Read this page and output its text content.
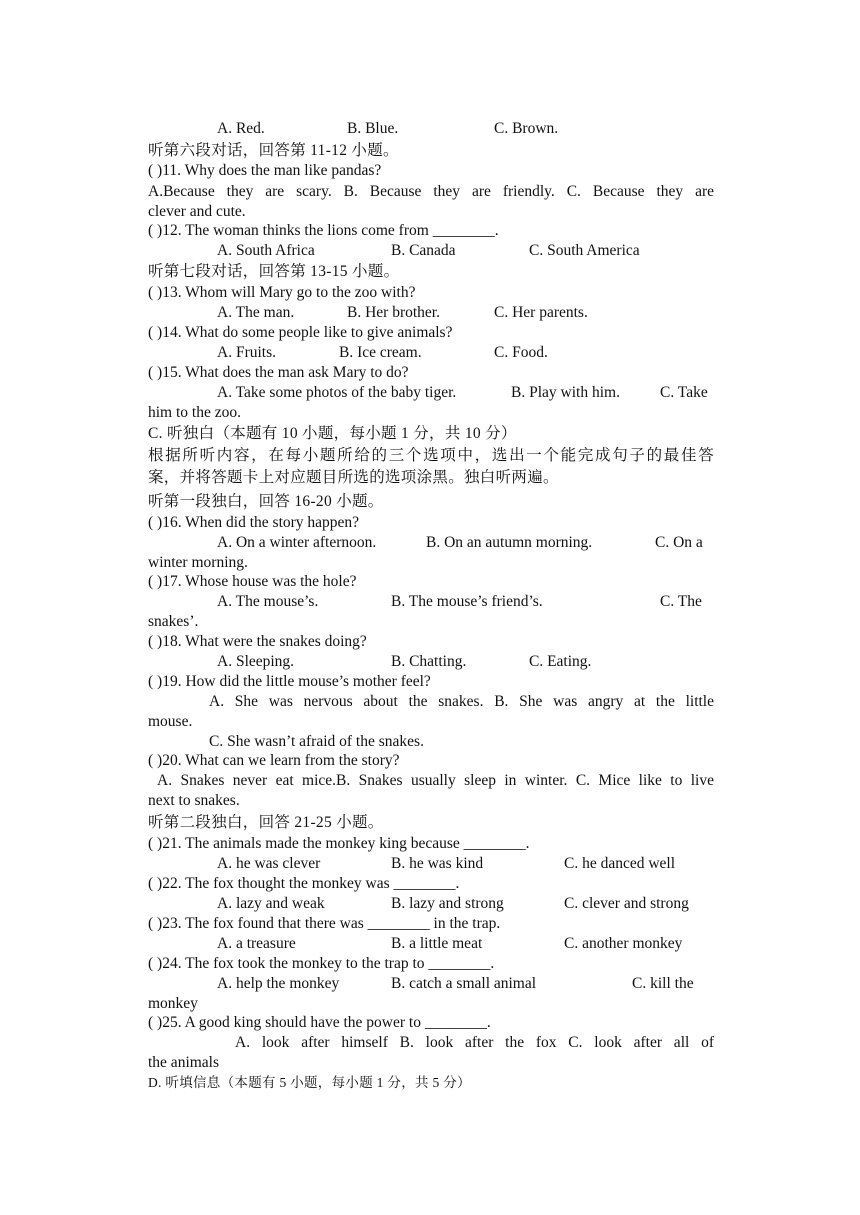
A. Red.	B. Blue.	C. Brown.
听第六段对话，回答第 11-12 小题。
( )11. Why does the man like pandas?
A.Because they are scary. B. Because they are friendly. C. Because they are
clever and cute.
( )12. The woman thinks the lions come from ________.
A. South Africa	B. Canada	C. South America
听第七段对话，回答第 13-15 小题。
( )13. Whom will Mary go to the zoo with?
A. The man.	B. Her brother.	C. Her parents.
( )14. What do some people like to give animals?
A. Fruits.	B. Ice cream.	C. Food.
( )15. What does the man ask Mary to do?
A. Take some photos of the baby tiger.	B. Play with him.	C. Take
him to the zoo.
C. 听独白（本题有 10 小题，每小题 1 分，共 10 分）
根据所听内容，在每小题所给的三个选项中，选出一个能完成句子的最佳答
案，并将答题卡上对应题目所选的选项涂黑。独白听两遍。
听第一段独白，回答 16-20 小题。
( )16. When did the story happen?
A. On a winter afternoon.	B. On an autumn morning.	C. On a
winter morning.
( )17. Whose house was the hole?
A. The mouse’s.	B. The mouse’s friend’s.	C. The
snakes’.
( )18. What were the snakes doing?
A. Sleeping.	B. Chatting.	C. Eating.
( )19. How did the little mouse’s mother feel?
A. She was nervous about the snakes. B. She was angry at the little
mouse.
C. She wasn’t afraid of the snakes.
( )20. What can we learn from the story?
A. Snakes never eat mice.B. Snakes usually sleep in winter. C. Mice like to live
next to snakes.
听第二段独白，回答 21-25 小题。
( )21. The animals made the monkey king because ________.
A. he was clever	B. he was kind	C. he danced well
( )22. The fox thought the monkey was ________.
A. lazy and weak	B. lazy and strong	C. clever and strong
( )23. The fox found that there was ________ in the trap.
A. a treasure	B. a little meat	C. another monkey
( )24. The fox took the monkey to the trap to ________.
A. help the monkey	B. catch a small animal	C. kill the
monkey
( )25. A good king should have the power to ________.
A. look after himself B. look after the fox C. look after all of
the animals
D. 听填信息（本题有 5 小题，每小题 1 分，共 5 分）
